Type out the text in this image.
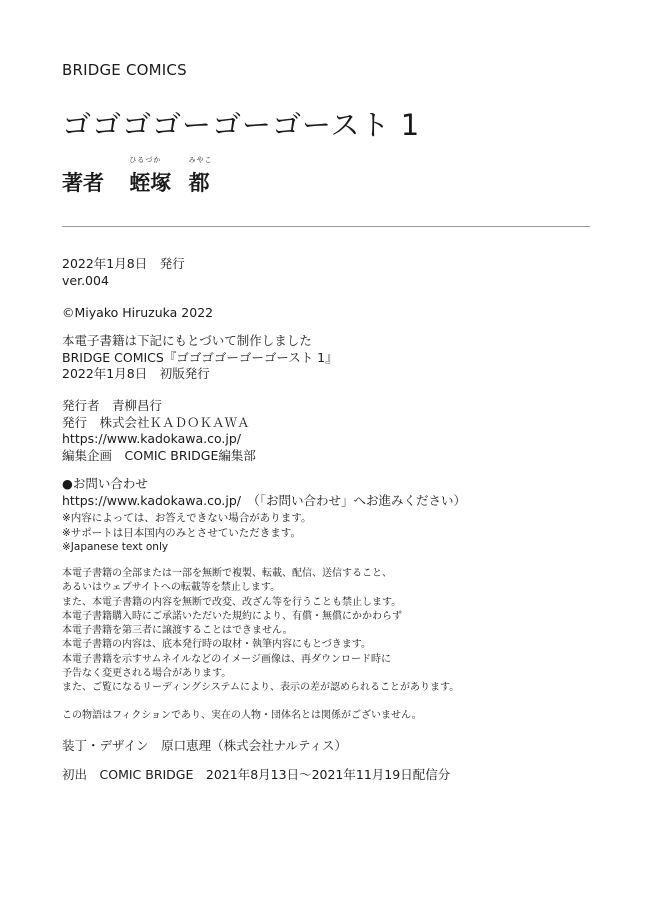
BRIDGE COMICS
ゴゴゴゴーゴーゴースト 1
著者
ひるづか
蛭塚
みやこ
都
2022年1月8日　発行
ver.004
©Miyako Hiruzuka 2022
本電子書籍は下記にもとづいて制作しました
BRIDGE COMICS『ゴゴゴゴーゴーゴースト 1』
2022年1月8日　初版発行
発行者　青柳昌行
発行　株式会社ＫＡＤＯＫＡＷＡ
https://www.kadokawa.co.jp/
編集企画　COMIC BRIDGE編集部
●お問い合わせ
https://www.kadokawa.co.jp/　（「お問い合わせ」へお進みください）
※内容によっては、お答えできない場合があります。
※サポートは日本国内のみとさせていただきます。
※Japanese text only
本電子書籍の全部または一部を無断で複製、転載、配信、送信すること、
あるいはウェブサイトへの転載等を禁止します。
また、本電子書籍の内容を無断で改変、改ざん等を行うことも禁止します。
本電子書籍購入時にご承諾いただいた規約により、有償・無償にかかわらず
本電子書籍を第三者に譲渡することはできません。
本電子書籍の内容は、底本発行時の取材・執筆内容にもとづきます。
本電子書籍を示すサムネイルなどのイメージ画像は、再ダウンロード時に
予告なく変更される場合があります。
また、ご覧になるリーディングシステムにより、表示の差が認められることがあります。
この物語はフィクションであり、実在の人物・団体名とは関係がございません。
装丁・デザイン　原口恵理（株式会社ナルティス）
初出　COMIC BRIDGE　2021年8月13日～2021年11月19日配信分
